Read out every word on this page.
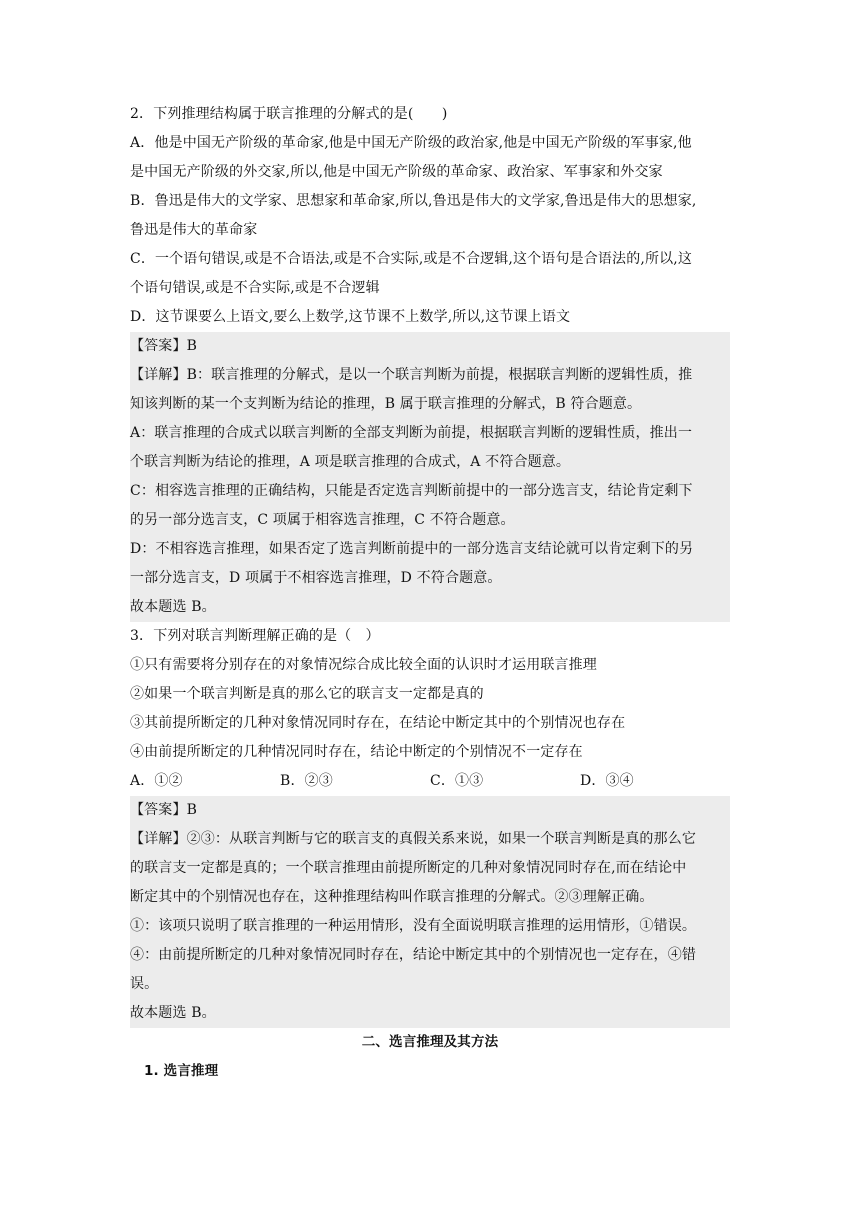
2．下列推理结构属于联言推理的分解式的是(　　)
A．他是中国无产阶级的革命家,他是中国无产阶级的政治家,他是中国无产阶级的军事家,他
是中国无产阶级的外交家,所以,他是中国无产阶级的革命家、政治家、军事家和外交家
B．鲁迅是伟大的文学家、思想家和革命家,所以,鲁迅是伟大的文学家,鲁迅是伟大的思想家,
鲁迅是伟大的革命家
C．一个语句错误,或是不合语法,或是不合实际,或是不合逻辑,这个语句是合语法的,所以,这
个语句错误,或是不合实际,或是不合逻辑
D．这节课要么上语文,要么上数学,这节课不上数学,所以,这节课上语文
【答案】B
【详解】B：联言推理的分解式，是以一个联言判断为前提，根据联言判断的逻辑性质，推
知该判断的某一个支判断为结论的推理，B 属于联言推理的分解式，B 符合题意。
A：联言推理的合成式以联言判断的全部支判断为前提，根据联言判断的逻辑性质，推出一
个联言判断为结论的推理，A 项是联言推理的合成式，A 不符合题意。
C：相容选言推理的正确结构，只能是否定选言判断前提中的一部分选言支，结论肯定剩下
的另一部分选言支，C 项属于相容选言推理，C 不符合题意。
D：不相容选言推理，如果否定了选言判断前提中的一部分选言支结论就可以肯定剩下的另
一部分选言支，D 项属于不相容选言推理，D 不符合题意。
故本题选 B。
3．下列对联言判断理解正确的是（　）
①只有需要将分别存在的对象情况综合成比较全面的认识时才运用联言推理
②如果一个联言判断是真的那么它的联言支一定都是真的
③其前提所断定的几种对象情况同时存在，在结论中断定其中的个别情况也存在
④由前提所断定的几种情况同时存在，结论中断定的个别情况不一定存在
A．①②	B．②③	C．①③	D．③④
【答案】B
【详解】②③：从联言判断与它的联言支的真假关系来说，如果一个联言判断是真的那么它
的联言支一定都是真的；一个联言推理由前提所断定的几种对象情况同时存在,而在结论中
断定其中的个别情况也存在，这种推理结构叫作联言推理的分解式。②③理解正确。
①：该项只说明了联言推理的一种运用情形，没有全面说明联言推理的运用情形，①错误。
④：由前提所断定的几种对象情况同时存在，结论中断定其中的个别情况也一定存在，④错
误。
故本题选 B。
二、选言推理及其方法
1. 选言推理
